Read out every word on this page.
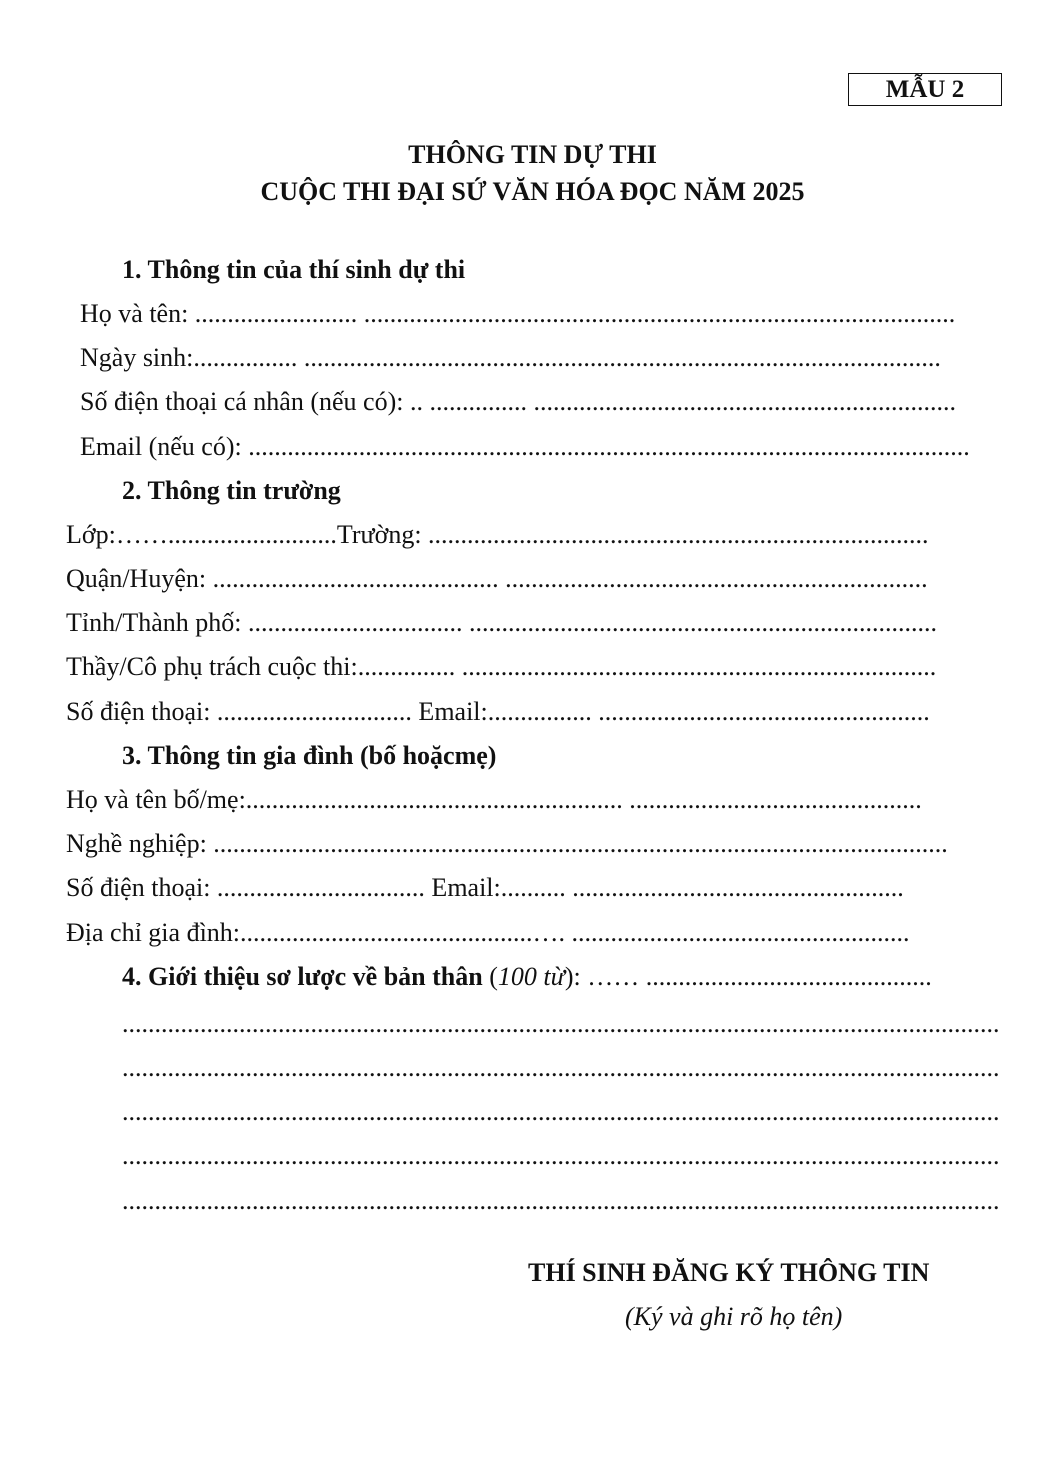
MẪU 2
THÔNG TIN DỰ THI
CUỘC THI ĐẠI SỨ VĂN HÓA ĐỌC NĂM 2025
1. Thông tin của thí sinh dự thi
Họ và tên: ......................... ...........................................................................................
Ngày sinh:................ ..................................................................................................
Số điện thoại cá nhân (nếu có): .. ............... .................................................................
Email (nếu có): ...............................................................................................................
2. Thông tin trường
Lớp:……..........................Trường: .............................................................................
Quận/Huyện: ............................................ .................................................................
Tỉnh/Thành phố: ................................. ........................................................................
Thầy/Cô phụ trách cuộc thi:............... .........................................................................
Số điện thoại: .............................. Email:................ ...................................................
3. Thông tin gia đình (bố hoặcmẹ)
Họ và tên bố/mẹ:.......................................................... .............................................
Nghề nghiệp: .................................................................................................................
Số điện thoại: ................................ Email:.......... ...................................................
Địa chỉ gia đình:.............................................…. ....................................................
4. Giới thiệu sơ lược về bản thân (100 từ): …… ............................................
.......................................................................................................................................
.......................................................................................................................................
.......................................................................................................................................
.......................................................................................................................................
.......................................................................................................................................
THÍ SINH ĐĂNG KÝ THÔNG TIN
(Ký và ghi rõ họ tên)
